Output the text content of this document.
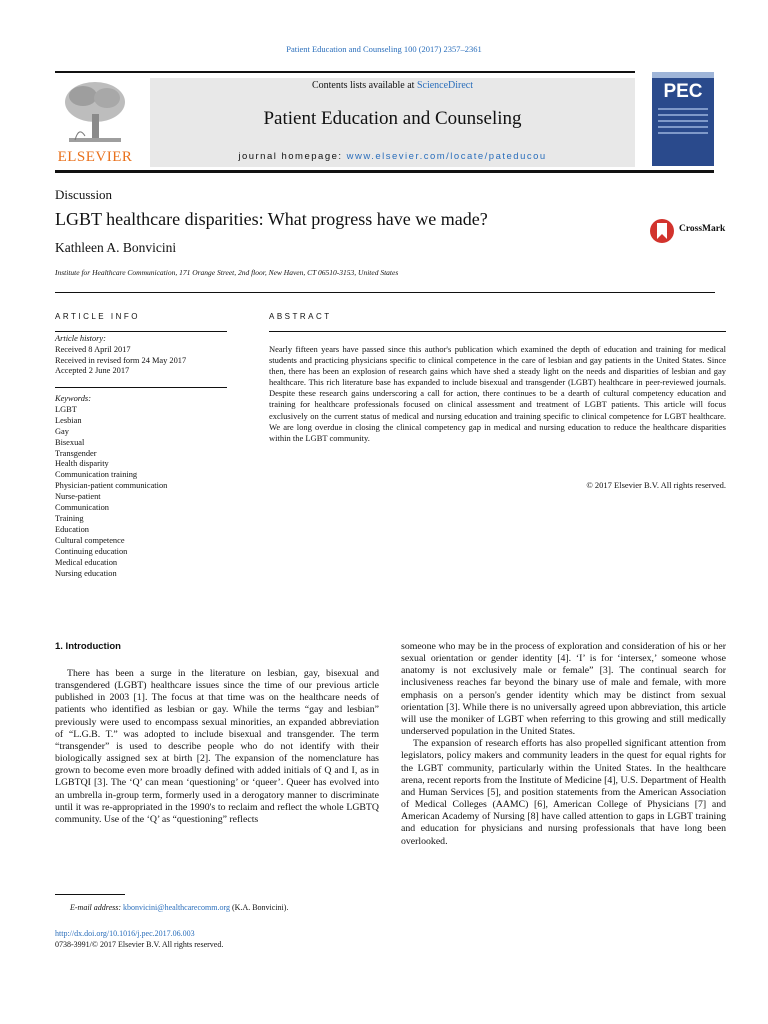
Patient Education and Counseling 100 (2017) 2357–2361
ELSEVIER
Contents lists available at ScienceDirect
Patient Education and Counseling
journal homepage: www.elsevier.com/locate/pateducou
PEC
Discussion
LGBT healthcare disparities: What progress have we made?	CrossMark
Kathleen A. Bonvicini
Institute for Healthcare Communication, 171 Orange Street, 2nd floor, New Haven, CT 06510-3153, United States
ARTICLE INFO
Article history:
Received 8 April 2017
Received in revised form 24 May 2017
Accepted 2 June 2017
Keywords:
LGBT
Lesbian
Gay
Bisexual
Transgender
Health disparity
Communication training
Physician-patient communication
Nurse-patient
Communication
Training
Education
Cultural competence
Continuing education
Medical education
Nursing education
ABSTRACT
Nearly fifteen years have passed since this author's publication which examined the depth of education and training for medical students and practicing physicians specific to clinical competence in the care of lesbian and gay patients in the United States. Since then, there has been an explosion of research gains which have shed a steady light on the needs and disparities of lesbian and gay healthcare. This rich literature base has expanded to include bisexual and transgender (LGBT) healthcare in peer-reviewed journals. Despite these research gains underscoring a call for action, there continues to be a dearth of cultural competency education and training for healthcare professionals focused on clinical assessment and treatment of LGBT patients. This article will focus exclusively on the current status of medical and nursing education and training specific to clinical competence for LGBT healthcare. We are long overdue in closing the clinical competency gap in medical and nursing education to reduce the healthcare disparities within the LGBT community.
© 2017 Elsevier B.V. All rights reserved.
1. Introduction

There has been a surge in the literature on lesbian, gay, bisexual and transgendered (LGBT) healthcare issues since the time of our previous article published in 2003 [1]. The focus at that time was on the healthcare needs of patients who identified as lesbian or gay. While the terms “gay and lesbian” previously were used to encompass sexual minorities, an expanded abbreviation of “L.G.B. T.” was adopted to include bisexual and transgender. The term “transgender” is used to describe people who do not identify with their biologically assigned sex at birth [2]. The expansion of the nomenclature has grown to become even more broadly defined with added initials of Q and I, as in LGBTQI [3]. The ‘Q’ can mean ‘questioning’ or ‘queer’. Queer has evolved into an umbrella in-group term, formerly used in a derogatory manner to discriminate until it was re-appropriated in the 1990's to reclaim and reflect the whole LGBTQ community. Use of the ‘Q’ as “questioning” reflects

someone who may be in the process of exploration and consideration of his or her sexual orientation or gender identity [4]. ‘I’ is for ‘intersex,’ someone whose anatomy is not exclusively male or female” [3]. The continual search for inclusiveness reaches far beyond the binary use of male and female, with more emphasis on a person's gender identity which may be distinct from sexual orientation [3]. While there is no universally agreed upon abbreviation, this article will use the moniker of LGBT when referring to this growing and still medically underserved population in the United States.

The expansion of research efforts has also propelled significant attention from legislators, policy makers and community leaders in the quest for equal rights for the LGBT community, particularly within the United States. In the healthcare arena, recent reports from the Institute of Medicine [4], U.S. Department of Health and Human Services [5], and position statements from the American Association of Medical Colleges (AAMC) [6], American College of Physicians [7] and American Academy of Nursing [8] have called attention to gaps in LGBT training and education for physicians and nursing professionals that have long been overlooked.

E-mail address: kbonvicini@healthcarecomm.org (K.A. Bonvicini).
http://dx.doi.org/10.1016/j.pec.2017.06.003
0738-3991/© 2017 Elsevier B.V. All rights reserved.
